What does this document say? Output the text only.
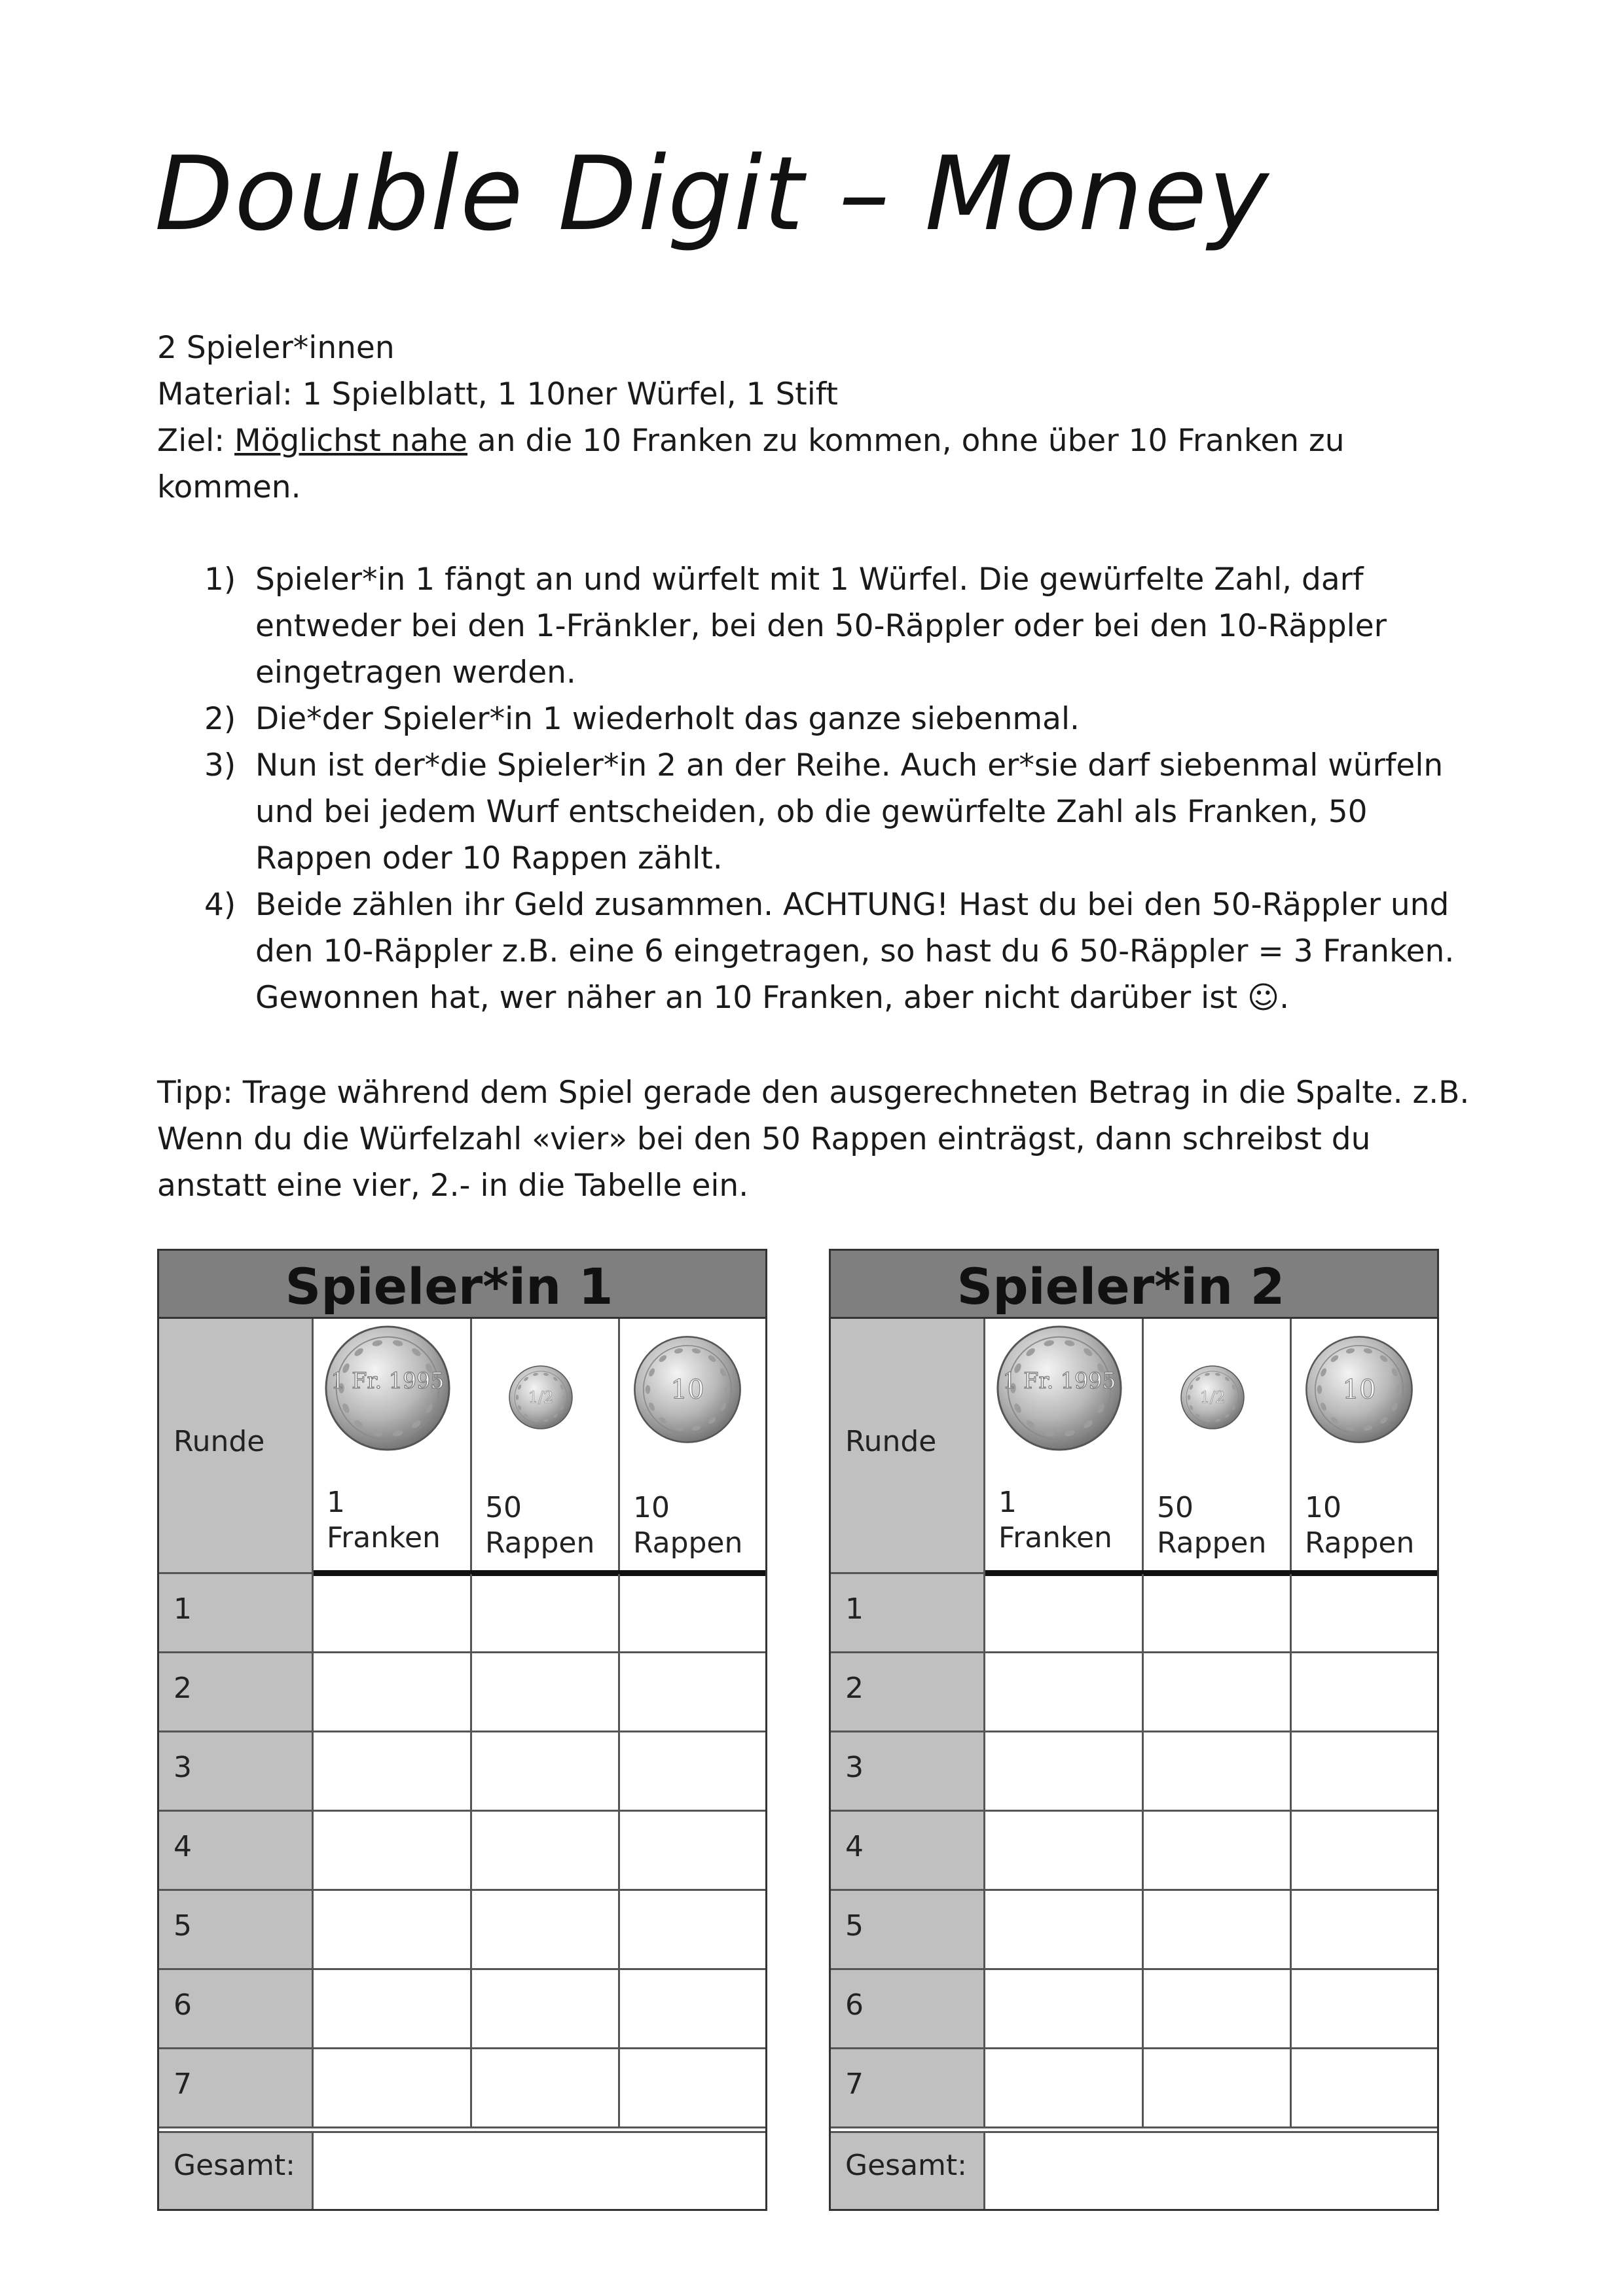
Double Digit – Money
2 Spieler*innen
Material: 1 Spielblatt, 1 10ner Würfel, 1 Stift
Ziel: Möglichst nahe an die 10 Franken zu kommen, ohne über 10 Franken zu kommen.
1) Spieler*in 1 fängt an und würfelt mit 1 Würfel. Die gewürfelte Zahl, darf entweder bei den 1-Fränkler, bei den 50-Räppler oder bei den 10-Räppler eingetragen werden.
2) Die*der Spieler*in 1 wiederholt das ganze siebenmal.
3) Nun ist der*die Spieler*in 2 an der Reihe. Auch er*sie darf siebenmal würfeln und bei jedem Wurf entscheiden, ob die gewürfelte Zahl als Franken, 50 Rappen oder 10 Rappen zählt.
4) Beide zählen ihr Geld zusammen. ACHTUNG! Hast du bei den 50-Räppler und den 10-Räppler z.B. eine 6 eingetragen, so hast du 6 50-Räppler = 3 Franken. Gewonnen hat, wer näher an 10 Franken, aber nicht darüber ist ☺.
Tipp: Trage während dem Spiel gerade den ausgerechneten Betrag in die Spalte. z.B. Wenn du die Würfelzahl «vier» bei den 50 Rappen einträgst, dann schreibst du anstatt eine vier, 2.- in die Tabelle ein.
Spieler*in 1
Runde
1 Fr. 1995
1
Franken
1/2
50
Rappen
10
10
Rappen
1
2
3
4
5
6
7
Gesamt:
Spieler*in 2
Runde
1 Fr. 1995
1
Franken
1/2
50
Rappen
10
10
Rappen
1
2
3
4
5
6
7
Gesamt:
